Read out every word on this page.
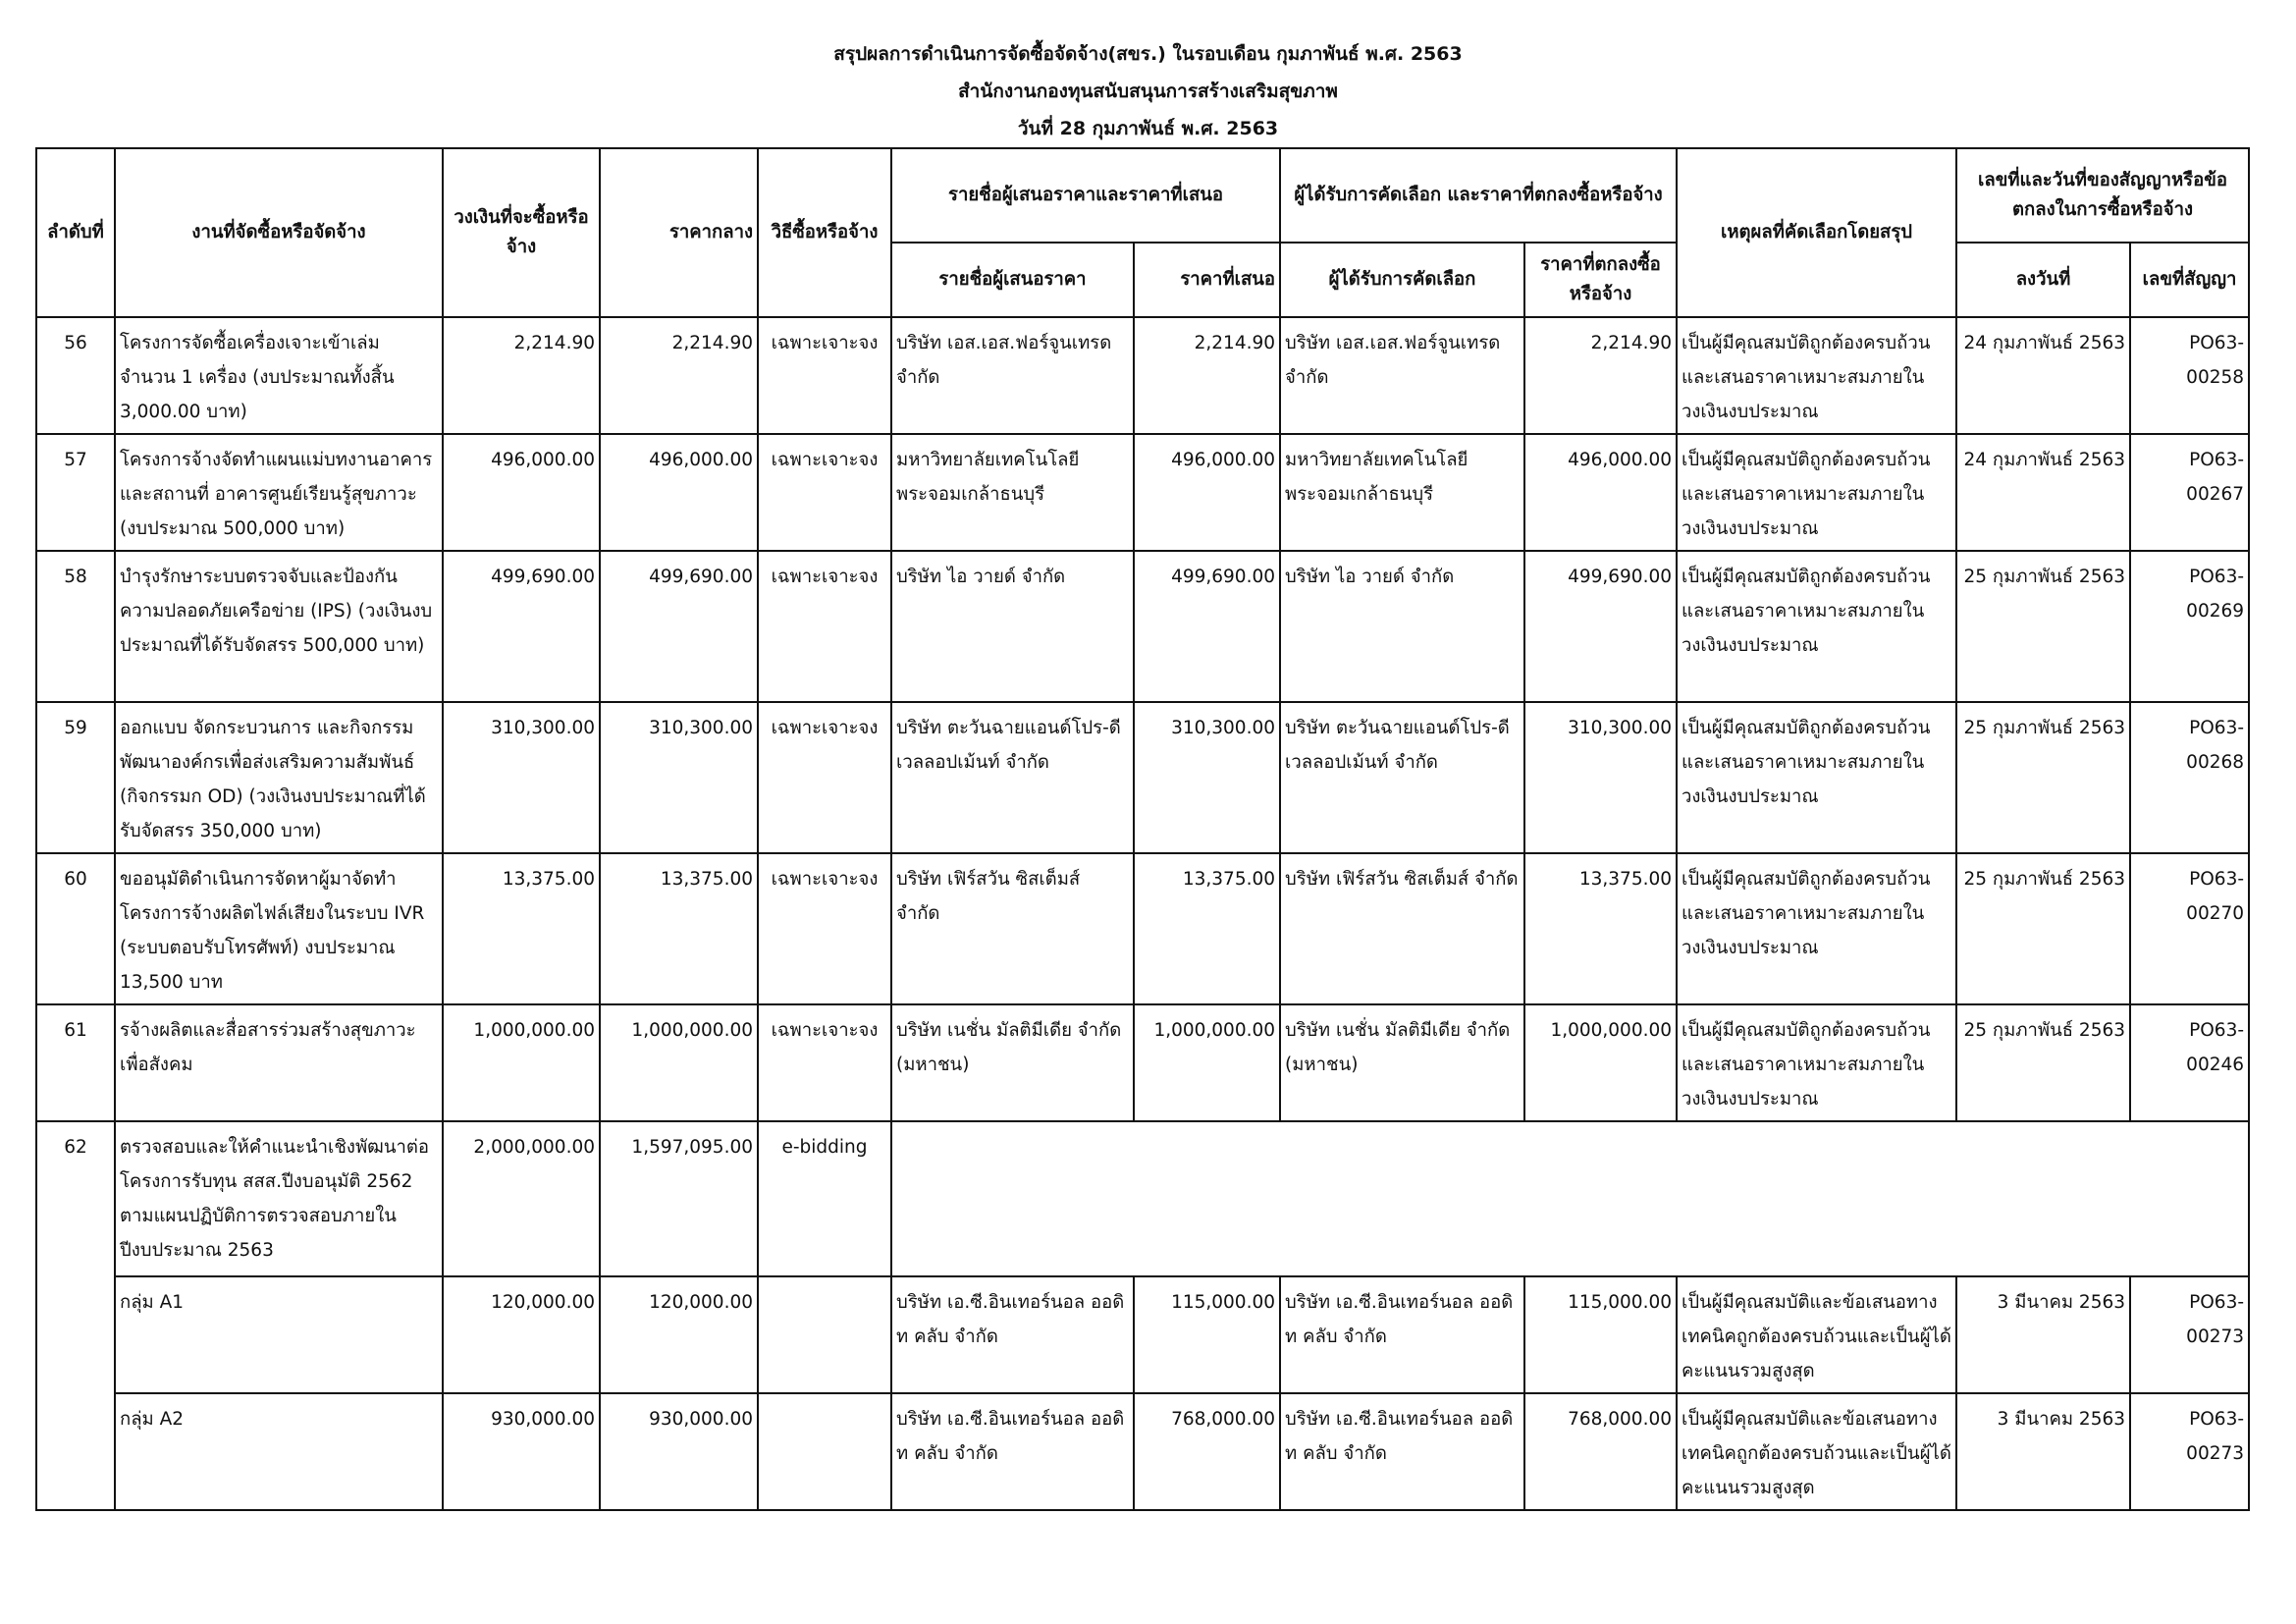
สรุปผลการดำเนินการจัดซื้อจัดจ้าง(สขร.) ในรอบเดือน กุมภาพันธ์ พ.ศ. 2563
สำนักงานกองทุนสนับสนุนการสร้างเสริมสุขภาพ
วันที่ 28 กุมภาพันธ์ พ.ศ. 2563
ลำดับที่	งานที่จัดซื้อหรือจัดจ้าง	วงเงินที่จะซื้อหรือจ้าง	ราคากลาง	วิธีซื้อหรือจ้าง	รายชื่อผู้เสนอราคาและราคาที่เสนอ		ผู้ได้รับการคัดเลือก และราคาที่ตกลงซื้อหรือจ้าง		เหตุผลที่คัดเลือกโดยสรุป	เลขที่และวันที่ของสัญญาหรือข้อตกลงในการซื้อหรือจ้าง	
					รายชื่อผู้เสนอราคา	ราคาที่เสนอ	ผู้ได้รับการคัดเลือก	ราคาที่ตกลงซื้อหรือจ้าง		ลงวันที่	เลขที่สัญญา
56	โครงการจัดซื้อเครื่องเจาะเข้าเล่ม จำนวน 1 เครื่อง (งบประมาณทั้งสิ้น 3,000.00 บาท)	2,214.90	2,214.90	เฉพาะเจาะจง	บริษัท เอส.เอส.ฟอร์จูนเทรด จำกัด	2,214.90	บริษัท เอส.เอส.ฟอร์จูนเทรด จำกัด	2,214.90	เป็นผู้มีคุณสมบัติถูกต้องครบถ้วนและเสนอราคาเหมาะสมภายในวงเงินงบประมาณ	24 กุมภาพันธ์ 2563	PO63-00258
57	โครงการจ้างจัดทำแผนแม่บทงานอาคารและสถานที่ อาคารศูนย์เรียนรู้สุขภาวะ (งบประมาณ 500,000 บาท)	496,000.00	496,000.00	เฉพาะเจาะจง	มหาวิทยาลัยเทคโนโลยีพระจอมเกล้าธนบุรี	496,000.00	มหาวิทยาลัยเทคโนโลยีพระจอมเกล้าธนบุรี	496,000.00	เป็นผู้มีคุณสมบัติถูกต้องครบถ้วนและเสนอราคาเหมาะสมภายในวงเงินงบประมาณ	24 กุมภาพันธ์ 2563	PO63-00267
58	บำรุงรักษาระบบตรวจจับและป้องกันความปลอดภัยเครือข่าย (IPS) (วงเงินงบประมาณที่ได้รับจัดสรร 500,000 บาท)	499,690.00	499,690.00	เฉพาะเจาะจง	บริษัท ไอ วายด์ จำกัด	499,690.00	บริษัท ไอ วายด์ จำกัด	499,690.00	เป็นผู้มีคุณสมบัติถูกต้องครบถ้วนและเสนอราคาเหมาะสมภายในวงเงินงบประมาณ	25 กุมภาพันธ์ 2563	PO63-00269
59	ออกแบบ จัดกระบวนการ และกิจกรรมพัฒนาองค์กรเพื่อส่งเสริมความสัมพันธ์ (กิจกรรมก OD) (วงเงินงบประมาณที่ได้รับจัดสรร 350,000 บาท)	310,300.00	310,300.00	เฉพาะเจาะจง	บริษัท ตะวันฉายแอนด์โปร-ดีเวลลอปเม้นท์ จำกัด	310,300.00	บริษัท ตะวันฉายแอนด์โปร-ดีเวลลอปเม้นท์ จำกัด	310,300.00	เป็นผู้มีคุณสมบัติถูกต้องครบถ้วนและเสนอราคาเหมาะสมภายในวงเงินงบประมาณ	25 กุมภาพันธ์ 2563	PO63-00268
60	ขออนุมัติดำเนินการจัดหาผู้มาจัดทำโครงการจ้างผลิตไฟล์เสียงในระบบ IVR (ระบบตอบรับโทรศัพท์) งบประมาณ 13,500 บาท	13,375.00	13,375.00	เฉพาะเจาะจง	บริษัท เฟิร์สวัน ซิสเต็มส์ จำกัด	13,375.00	บริษัท เฟิร์สวัน ซิสเต็มส์ จำกัด	13,375.00	เป็นผู้มีคุณสมบัติถูกต้องครบถ้วนและเสนอราคาเหมาะสมภายในวงเงินงบประมาณ	25 กุมภาพันธ์ 2563	PO63-00270
61	รจ้างผลิตและสื่อสารร่วมสร้างสุขภาวะเพื่อสังคม	1,000,000.00	1,000,000.00	เฉพาะเจาะจง	บริษัท เนชั่น มัลติมีเดีย จำกัด (มหาชน)	1,000,000.00	บริษัท เนชั่น มัลติมีเดีย จำกัด (มหาชน)	1,000,000.00	เป็นผู้มีคุณสมบัติถูกต้องครบถ้วนและเสนอราคาเหมาะสมภายในวงเงินงบประมาณ	25 กุมภาพันธ์ 2563	PO63-00246
62	ตรวจสอบและให้คำแนะนำเชิงพัฒนาต่อโครงการรับทุน สสส.ปีงบอนุมัติ 2562 ตามแผนปฏิบัติการตรวจสอบภายในปีงบประมาณ 2563	2,000,000.00	1,597,095.00	e-bidding							
	กลุ่ม A1	120,000.00	120,000.00		บริษัท เอ.ซี.อินเทอร์นอล ออดิท คลับ จำกัด	115,000.00	บริษัท เอ.ซี.อินเทอร์นอล ออดิท คลับ จำกัด	115,000.00	เป็นผู้มีคุณสมบัติและข้อเสนอทางเทคนิคถูกต้องครบถ้วนและเป็นผู้ได้คะแนนรวมสูงสุด	3 มีนาคม 2563	PO63-00273
	กลุ่ม A2	930,000.00	930,000.00		บริษัท เอ.ซี.อินเทอร์นอล ออดิท คลับ จำกัด	768,000.00	บริษัท เอ.ซี.อินเทอร์นอล ออดิท คลับ จำกัด	768,000.00	เป็นผู้มีคุณสมบัติและข้อเสนอทางเทคนิคถูกต้องครบถ้วนและเป็นผู้ได้คะแนนรวมสูงสุด	3 มีนาคม 2563	PO63-00273
